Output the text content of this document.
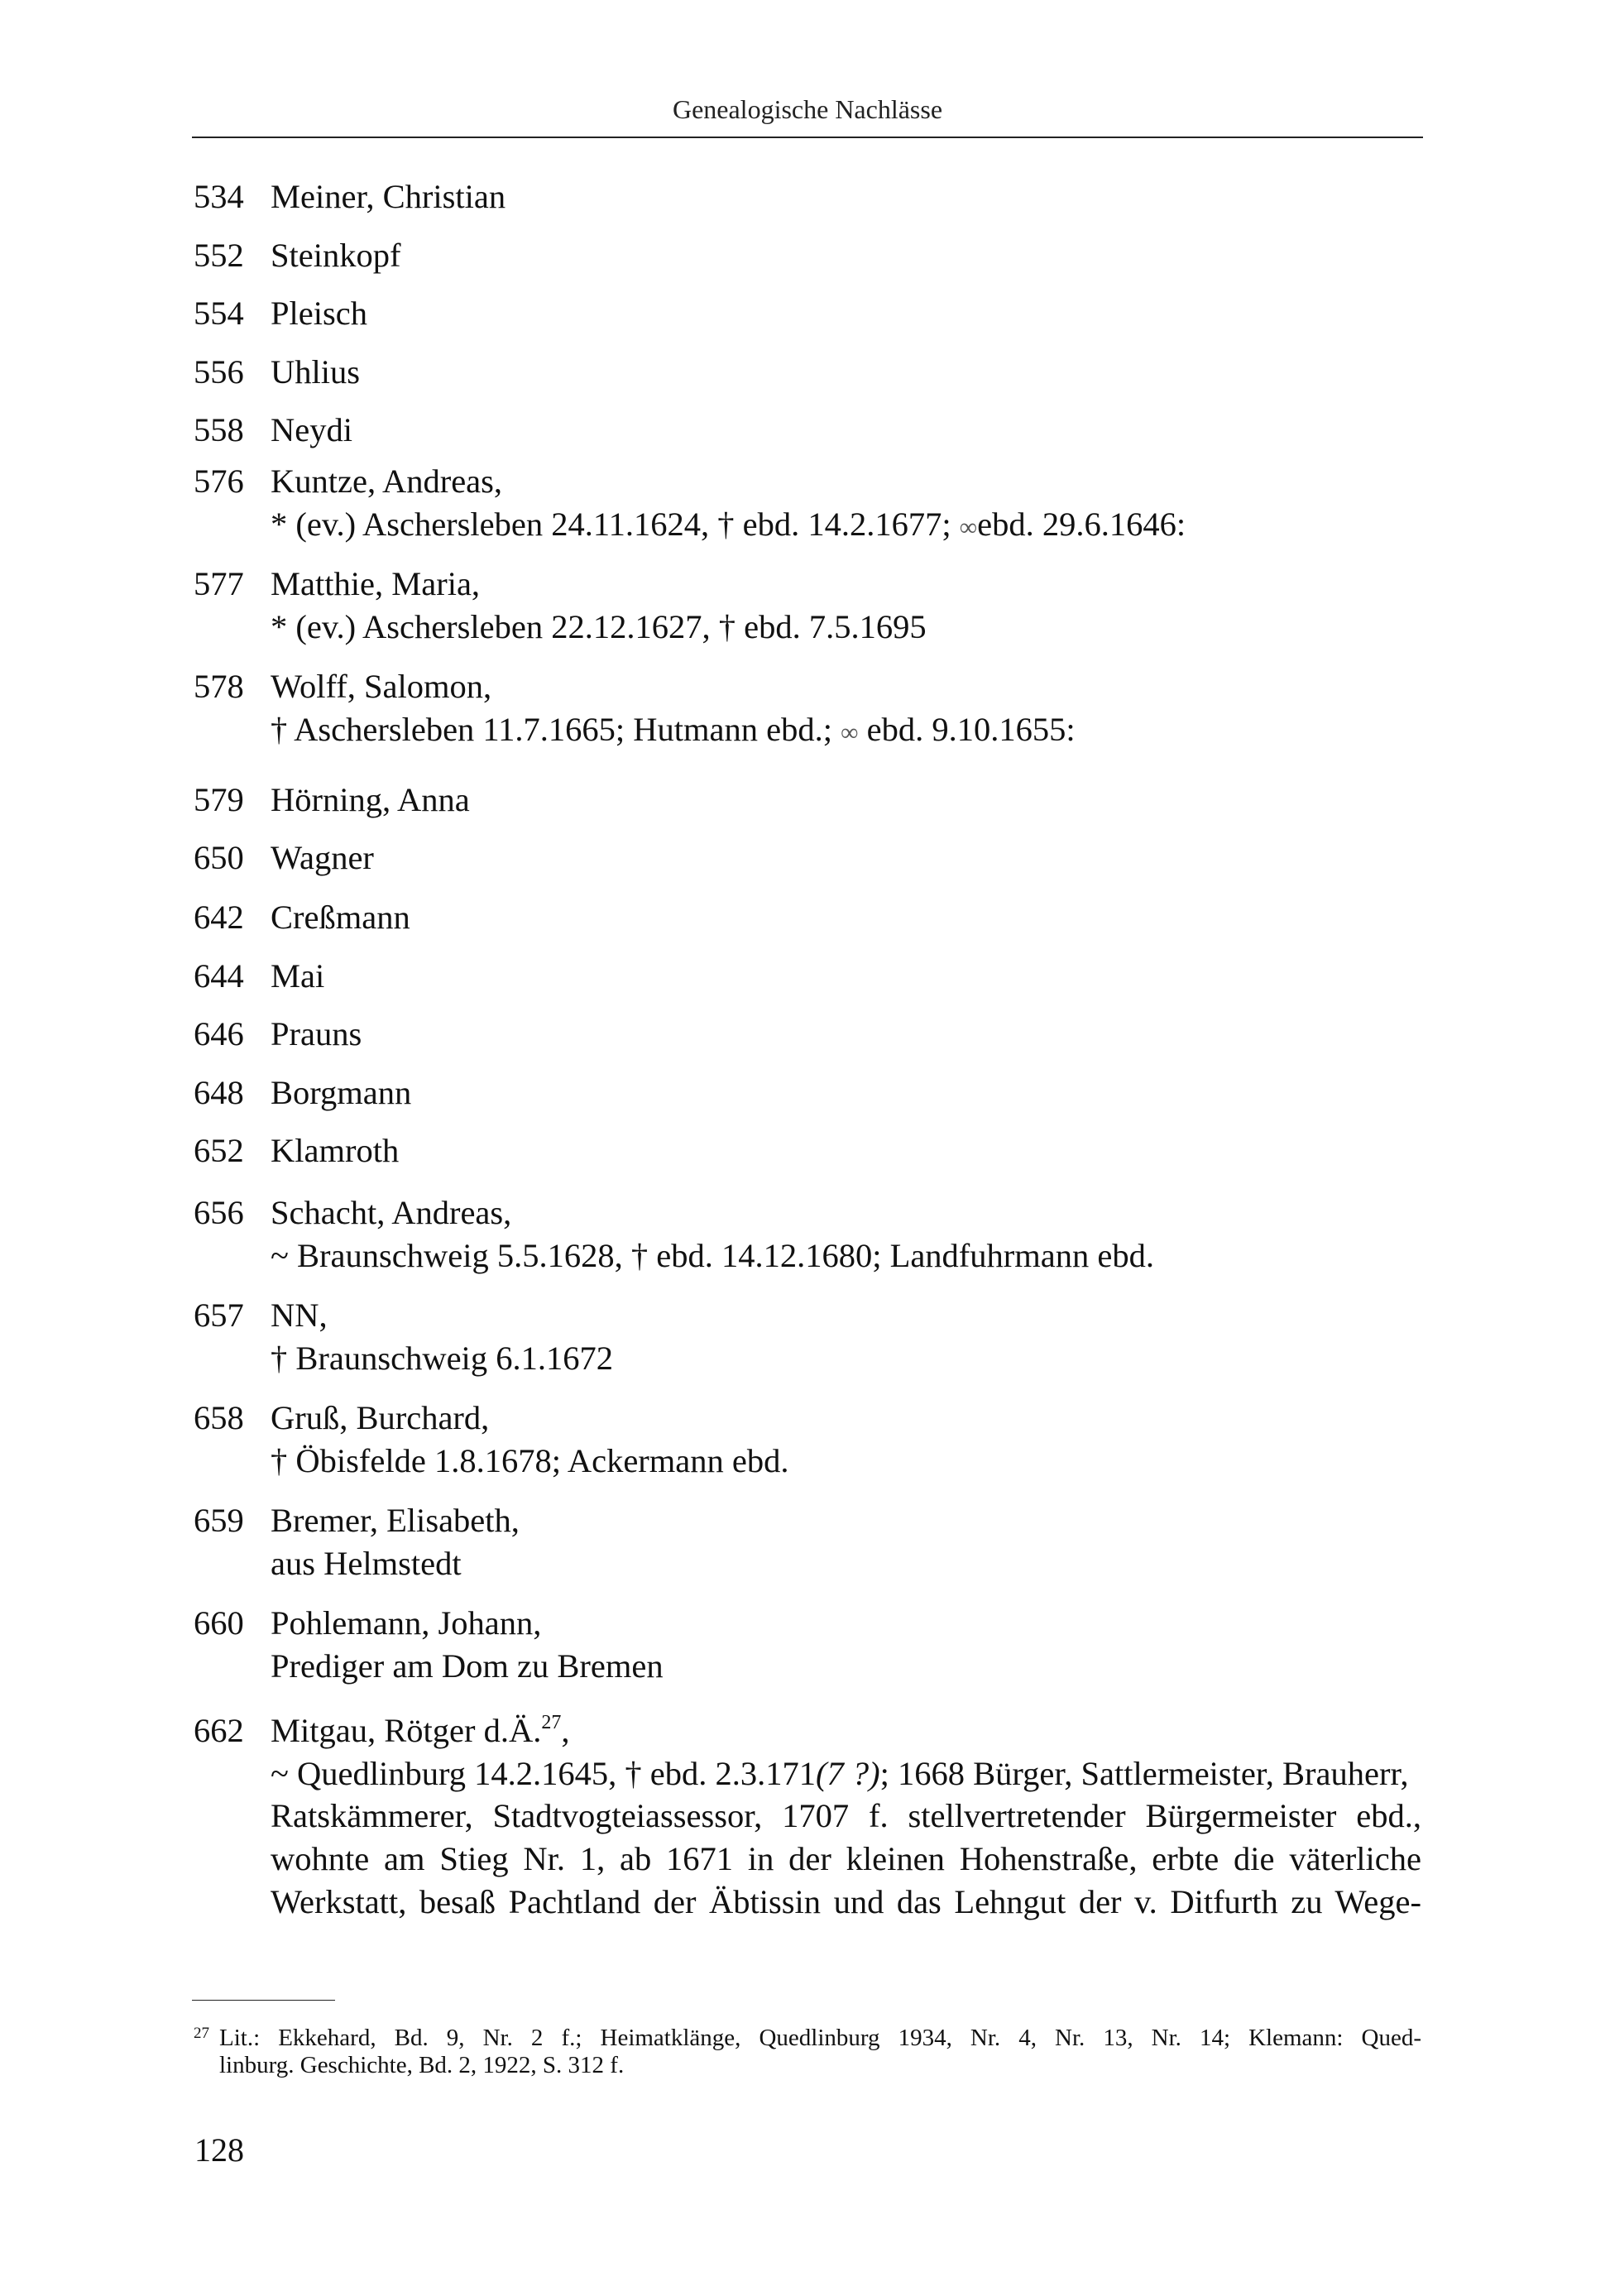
Genealogische Nachlässe
534 Meiner, Christian
552 Steinkopf
554 Pleisch
556 Uhlius
558 Neydi
576 Kuntze, Andreas,
* (ev.) Aschersleben 24.11.1624, † ebd. 14.2.1677; ∞ebd. 29.6.1646:
577 Matthie, Maria,
* (ev.) Aschersleben 22.12.1627, † ebd. 7.5.1695
578 Wolff, Salomon,
† Aschersleben 11.7.1665; Hutmann ebd.; ∞ ebd. 9.10.1655:
579 Hörning, Anna
650 Wagner
642 Creßmann
644 Mai
646 Prauns
648 Borgmann
652 Klamroth
656 Schacht, Andreas,
~ Braunschweig 5.5.1628, † ebd. 14.12.1680; Landfuhrmann ebd.
657 NN,
† Braunschweig 6.1.1672
658 Gruß, Burchard,
† Öbisfelde 1.8.1678; Ackermann ebd.
659 Bremer, Elisabeth,
aus Helmstedt
660 Pohlemann, Johann,
Prediger am Dom zu Bremen
662 Mitgau, Rötger d.Ä.$^{27}$,
~ Quedlinburg 14.2.1645, † ebd. 2.3.171(7 ?); 1668 Bürger, Sattlermeister, Brauherr,
Ratskämmerer, Stadtvogteiassessor, 1707 f. stellvertretender Bürgermeister ebd.,
wohnte am Stieg Nr. 1, ab 1671 in der kleinen Hohenstraße, erbte die väterliche
Werkstatt, besaß Pachtland der Äbtissin und das Lehngut der v. Ditfurth zu Wege-
27 Lit.: Ekkehard, Bd. 9, Nr. 2 f.; Heimatklänge, Quedlinburg 1934, Nr. 4, Nr. 13, Nr. 14; Klemann: Qued-
linburg. Geschichte, Bd. 2, 1922, S. 312 f.
128
